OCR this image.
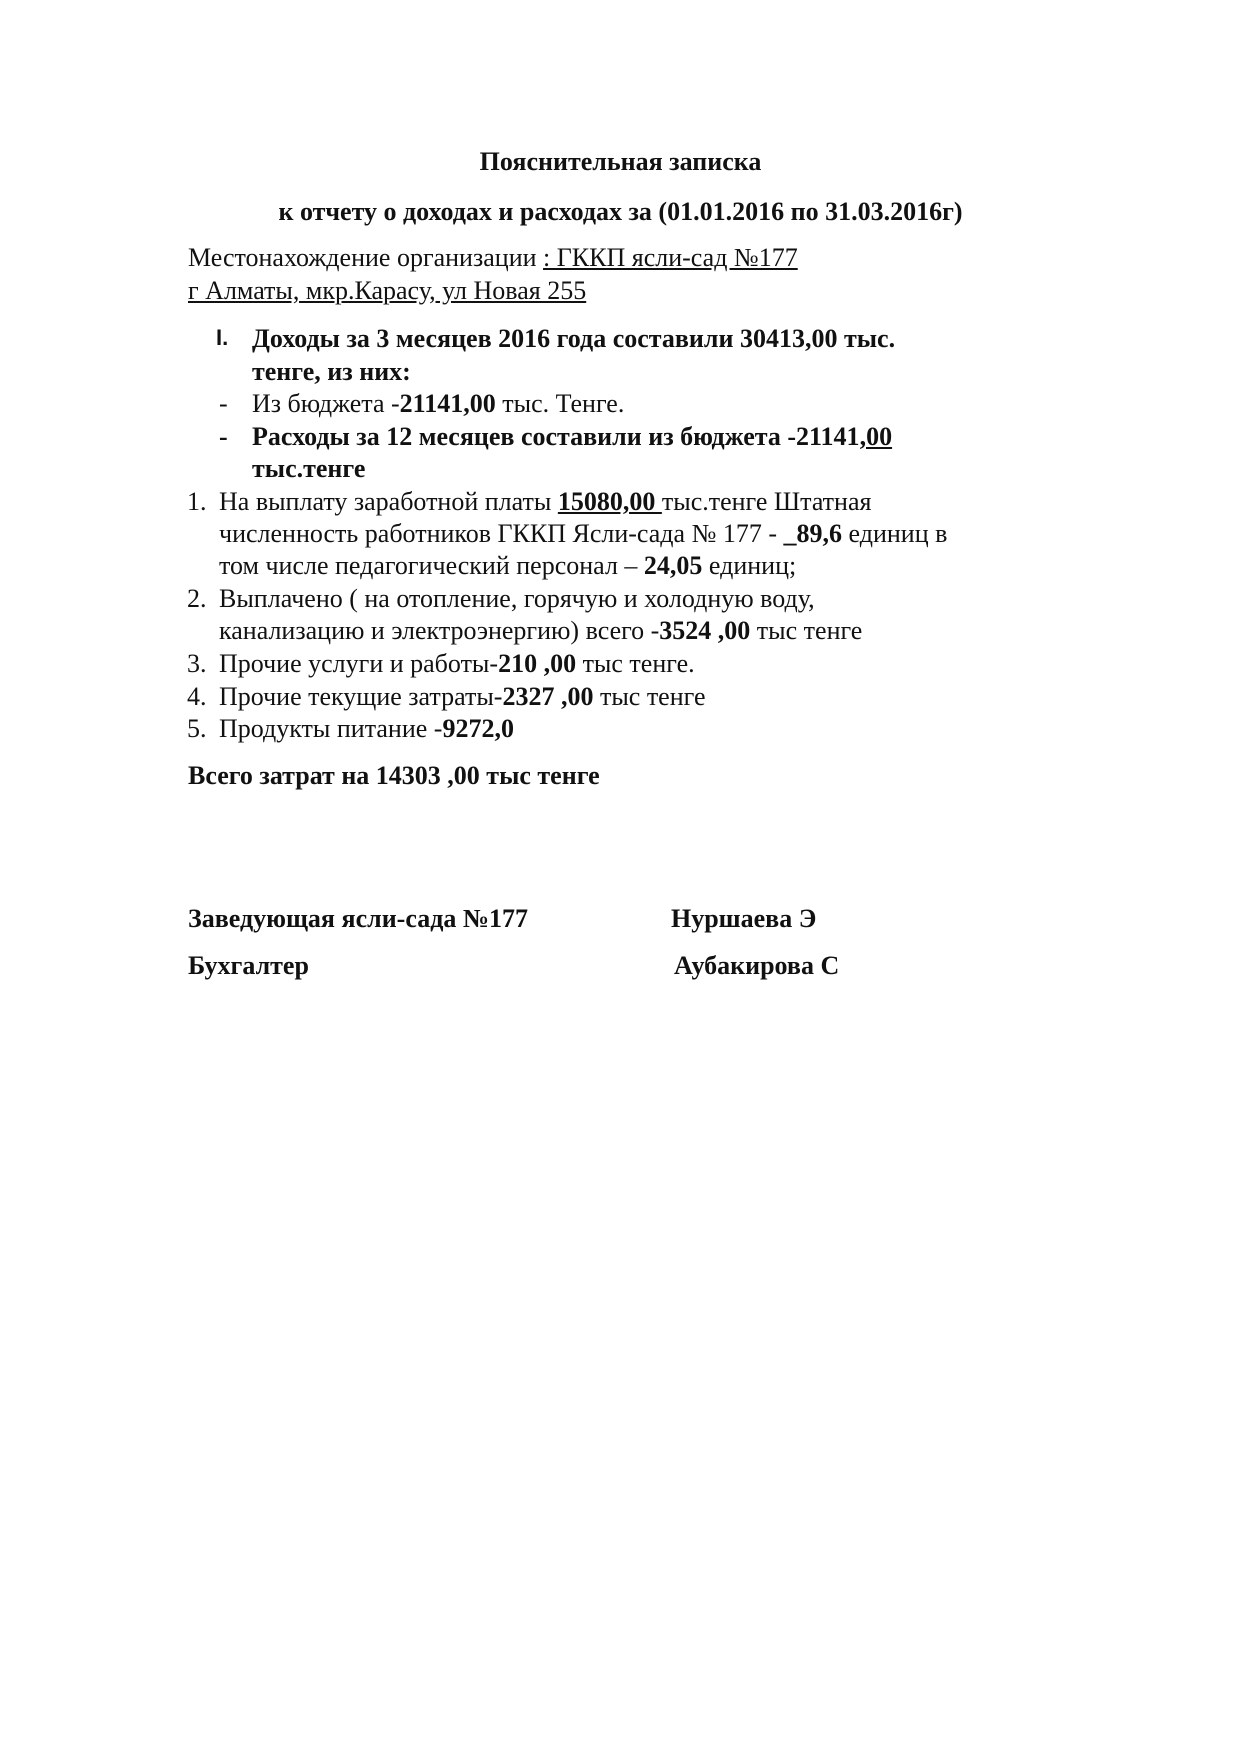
Пояснительная записка
к отчету о доходах и расходах за (01.01.2016 по 31.03.2016г)
Местонахождение организации : ГККП ясли-сад №177
г Алматы, мкр.Карасу, ул Новая 255
I. Доходы за 3 месяцев 2016 года составили 30413,00 тыс.
тенге, из них:
- Из бюджета -21141,00 тыс. Тенге.
- Расходы за 12 месяцев составили из бюджета -21141,00
тыс.тенге
1. На выплату заработной платы 15080,00 тыс.тенге Штатная
численность работников ГККП Ясли-сада № 177 - _89,6 единиц в
том числе педагогический персонал – 24,05 единиц;
2. Выплачено ( на отопление, горячую и холодную воду,
канализацию и электроэнергию) всего -3524 ,00 тыс тенге
3. Прочие услуги и работы-210 ,00 тыс тенге.
4. Прочие текущие затраты-2327 ,00 тыс тенге
5. Продукты питание -9272,0
Всего затрат на 14303 ,00 тыс тенге
Заведующая ясли-сада №177	Нуршаева Э
Бухгалтер	Аубакирова С
